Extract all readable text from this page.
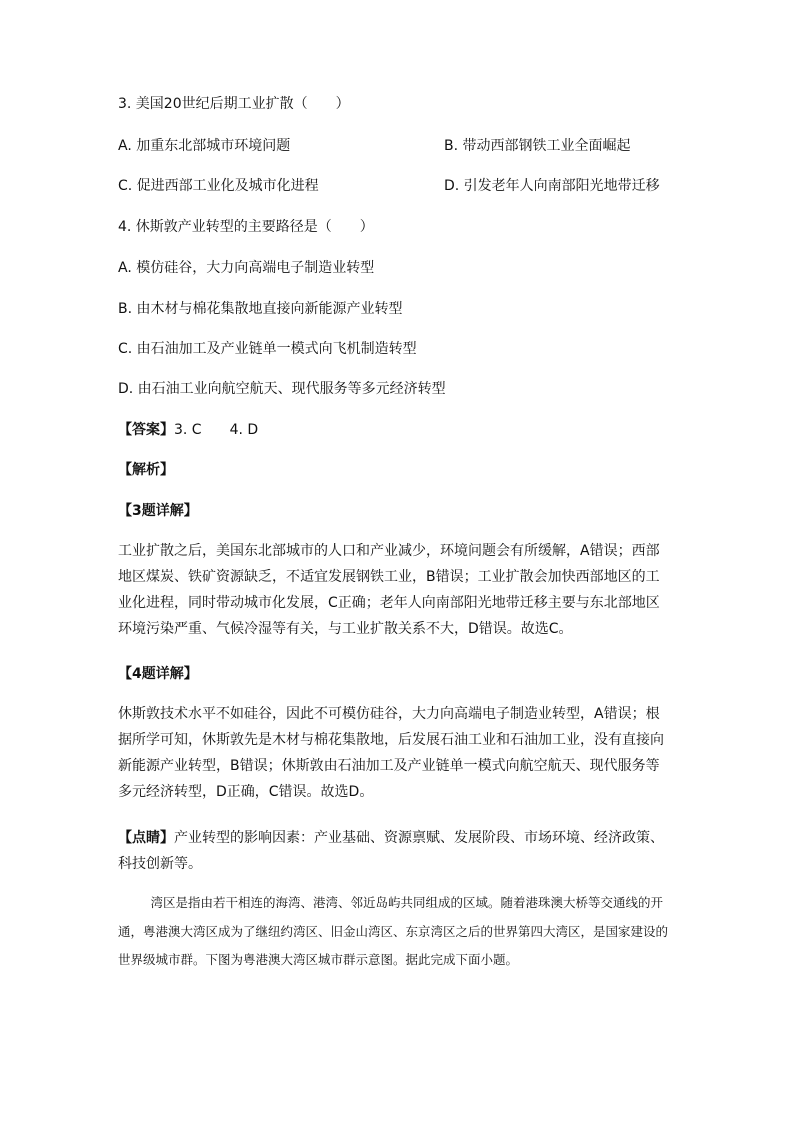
3. 美国20世纪后期工业扩散（　　）
A. 加重东北部城市环境问题	B. 带动西部钢铁工业全面崛起
C. 促进西部工业化及城市化进程	D. 引发老年人向南部阳光地带迁移
4. 休斯敦产业转型的主要路径是（　　）
A. 模仿硅谷，大力向高端电子制造业转型
B. 由木材与棉花集散地直接向新能源产业转型
C. 由石油加工及产业链单一模式向飞机制造转型
D. 由石油工业向航空航天、现代服务等多元经济转型
【答案】3. C 4. D
【解析】
【3题详解】

工业扩散之后，美国东北部城市的人口和产业减少，环境问题会有所缓解，A错误；西部地区煤炭、铁矿资源缺乏，不适宜发展钢铁工业，B错误；工业扩散会加快西部地区的工业化进程，同时带动城市化发展，C正确；老年人向南部阳光地带迁移主要与东北部地区环境污染严重、气候冷湿等有关，与工业扩散关系不大，D错误。故选C。

【4题详解】

休斯敦技术水平不如硅谷，因此不可模仿硅谷，大力向高端电子制造业转型，A错误；根据所学可知，休斯敦先是木材与棉花集散地，后发展石油工业和石油加工业，没有直接向新能源产业转型，B错误；休斯敦由石油加工及产业链单一模式向航空航天、现代服务等多元经济转型，D正确，C错误。故选D。

【点睛】产业转型的影响因素：产业基础、资源禀赋、发展阶段、市场环境、经济政策、科技创新等。

湾区是指由若干相连的海湾、港湾、邻近岛屿共同组成的区域。随着港珠澳大桥等交通线的开通，粤港澳大湾区成为了继纽约湾区、旧金山湾区、东京湾区之后的世界第四大湾区，是国家建设的世界级城市群。下图为粤港澳大湾区城市群示意图。据此完成下面小题。
